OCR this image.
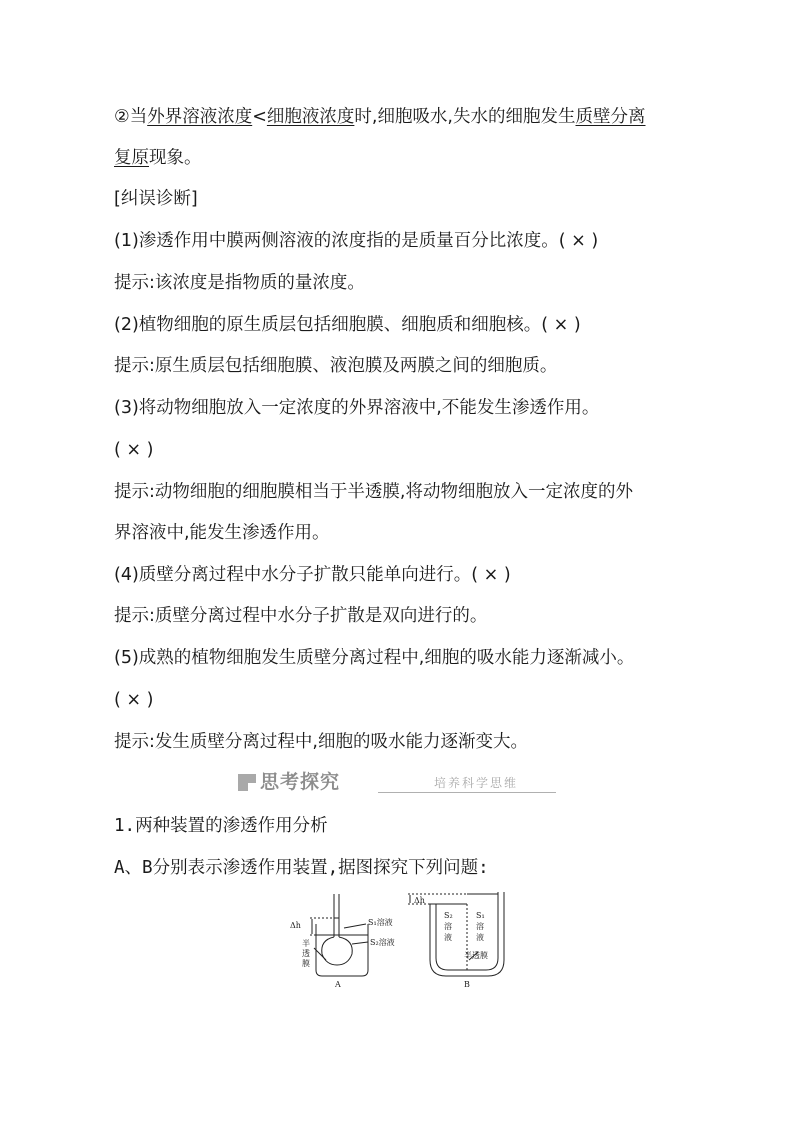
②当外界溶液浓度<细胞液浓度时,细胞吸水,失水的细胞发生质壁分离
复原现象。
[纠误诊断]
(1)渗透作用中膜两侧溶液的浓度指的是质量百分比浓度。( × )
提示:该浓度是指物质的量浓度。
(2)植物细胞的原生质层包括细胞膜、细胞质和细胞核。( × )
提示:原生质层包括细胞膜、液泡膜及两膜之间的细胞质。
(3)将动物细胞放入一定浓度的外界溶液中,不能发生渗透作用。
( × )
提示:动物细胞的细胞膜相当于半透膜,将动物细胞放入一定浓度的外
界溶液中,能发生渗透作用。
(4)质壁分离过程中水分子扩散只能单向进行。( × )
提示:质壁分离过程中水分子扩散是双向进行的。
(5)成熟的植物细胞发生质壁分离过程中,细胞的吸水能力逐渐减小。
( × )
提示:发生质壁分离过程中,细胞的吸水能力逐渐变大。
思考探究	培养科学思维
1.两种装置的渗透作用分析
A、B分别表示渗透作用装置,据图探究下列问题:
Δh	S₁溶液
S₂溶液
半
透
膜
A
Δh
S₂
溶
液
S₁
溶
液
半透膜
B
